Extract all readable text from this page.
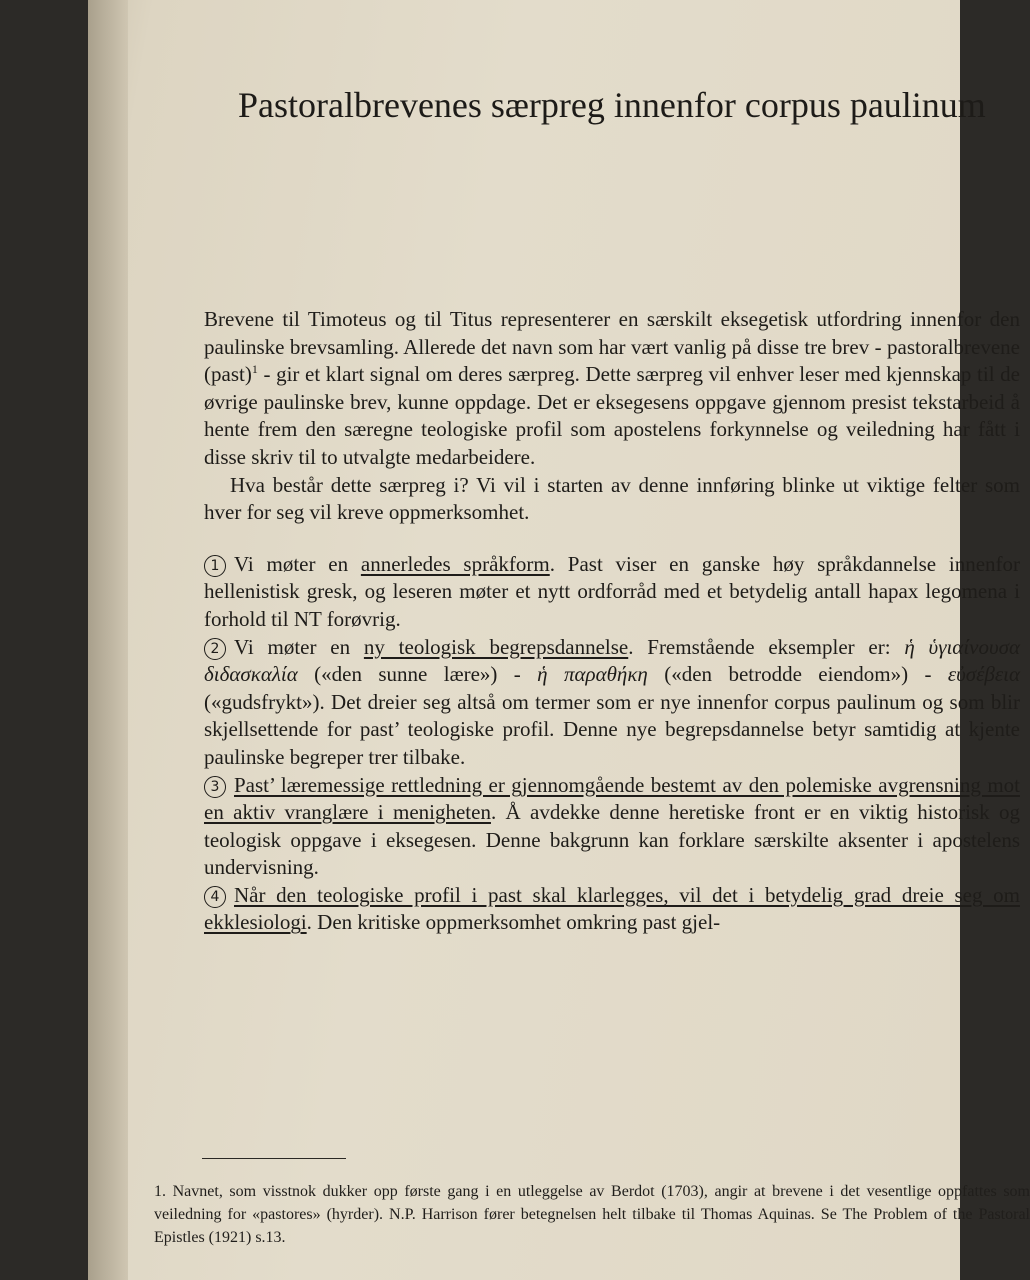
Pastoralbrevenes særpreg innenfor corpus paulinum

Brevene til Timoteus og til Titus representerer en særskilt eksegetisk utfordring innenfor den paulinske brevsamling. Allerede det navn som har vært vanlig på disse tre brev - pastoralbrevene (past)$^1$ - gir et klart signal om deres særpreg. Dette særpreg vil enhver leser med kjennskap til de øvrige paulinske brev, kunne oppdage. Det er eksegesens oppgave gjennom presist tekstarbeid å hente frem den særegne teologiske profil som apostelens forkynnelse og veiledning har fått i disse skriv til to utvalgte medarbeidere.

Hva består dette særpreg i? Vi vil i starten av denne innføring blinke ut viktige felter som hver for seg vil kreve oppmerksomhet.

1 Vi møter en annerledes språkform. Past viser en ganske høy språkdannelse innenfor hellenistisk gresk, og leseren møter et nytt ordforråd med et betydelig antall hapax legomena i forhold til NT forøvrig.

2 Vi møter en ny teologisk begrepsdannelse. Fremstående eksempler er: ἡ ὑγιαίνουσα διδασκαλία («den sunne lære») - ἡ παραθήκη («den betrodde eiendom») - εὐσέβεια («gudsfrykt»). Det dreier seg altså om termer som er nye innenfor corpus paulinum og som blir skjellsettende for past’ teologiske profil. Denne nye begrepsdannelse betyr samtidig at kjente paulinske begreper trer tilbake.

3 Past’ læremessige rettledning er gjennomgående bestemt av den polemiske avgrensning mot en aktiv vranglære i menigheten. Å avdekke denne heretiske front er en viktig historisk og teologisk oppgave i eksegesen. Denne bakgrunn kan forklare særskilte aksenter i apostelens undervisning.

4 Når den teologiske profil i past skal klarlegges, vil det i betydelig grad dreie seg om ekklesiologi. Den kritiske oppmerksomhet omkring past gjel-

1. Navnet, som visstnok dukker opp første gang i en utleggelse av Berdot (1703), angir at brevene i det vesentlige oppfattes som veiledning for «pastores» (hyrder). N.P. Harrison fører betegnelsen helt tilbake til Thomas Aquinas. Se The Problem of the Pastoral Epistles (1921) s.13.
